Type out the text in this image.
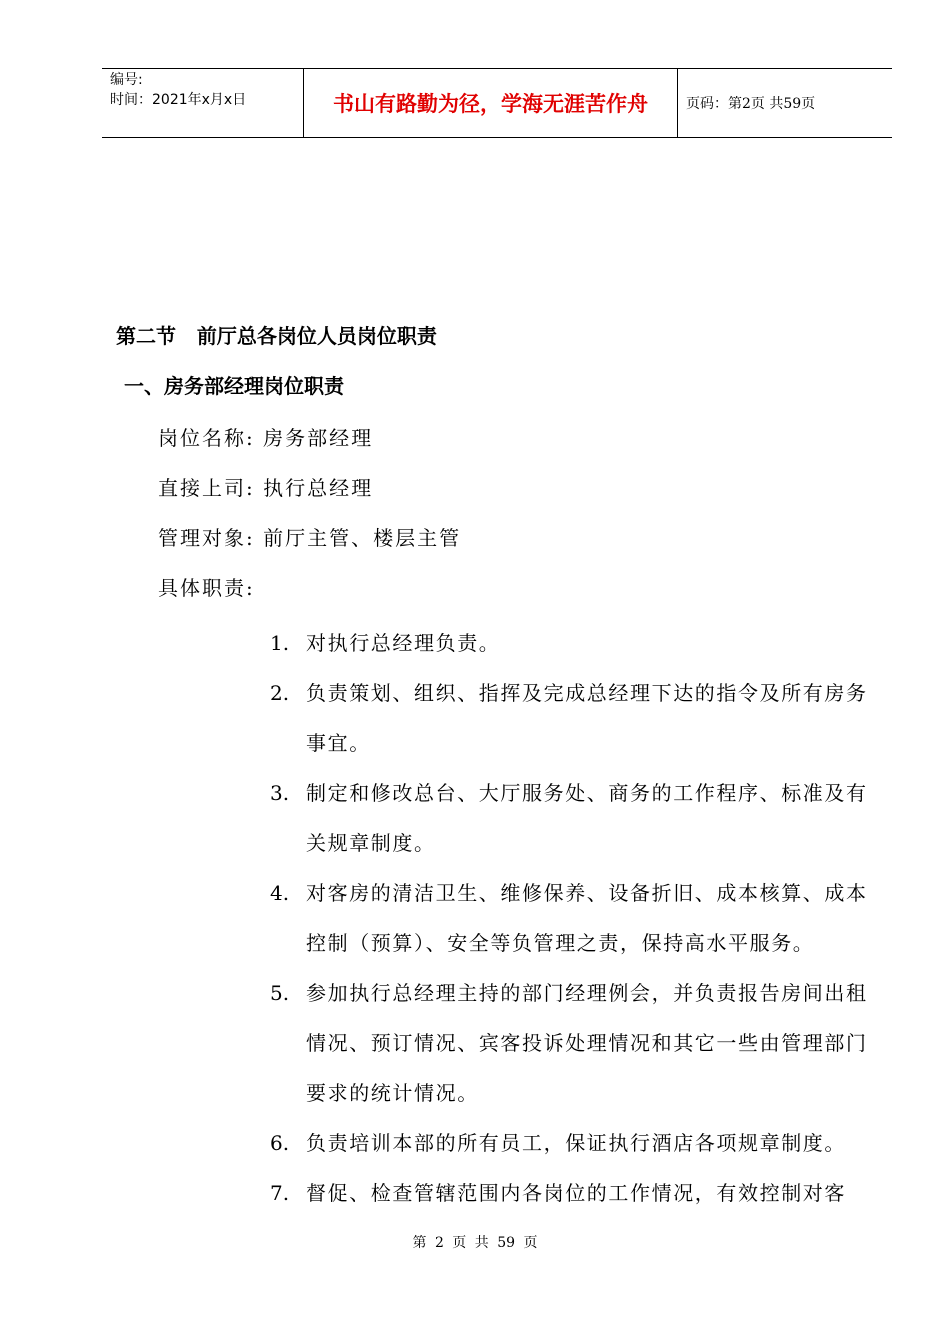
编号:
时间：2021年x月x日	书山有路勤为径，学海无涯苦作舟	页码：第2页 共59页
第二节   前厅总各岗位人员岗位职责
一、房务部经理岗位职责
岗位名称: 房务部经理
直接上司: 执行总经理
管理对象: 前厅主管、楼层主管
具体职责:
1. 对执行总经理负责。
2. 负责策划、组织、指挥及完成总经理下达的指令及所有房务事宜。
3. 制定和修改总台、大厅服务处、商务的工作程序、标准及有关规章制度。
4. 对客房的清洁卫生、维修保养、设备折旧、成本核算、成本控制（预算）、安全等负管理之责，保持高水平服务。
5. 参加执行总经理主持的部门经理例会，并负责报告房间出租情况、预订情况、宾客投诉处理情况和其它一些由管理部门要求的统计情况。
6. 负责培训本部的所有员工，保证执行酒店各项规章制度。
7. 督促、检查管辖范围内各岗位的工作情况，有效控制对客
第 2 页 共 59 页
